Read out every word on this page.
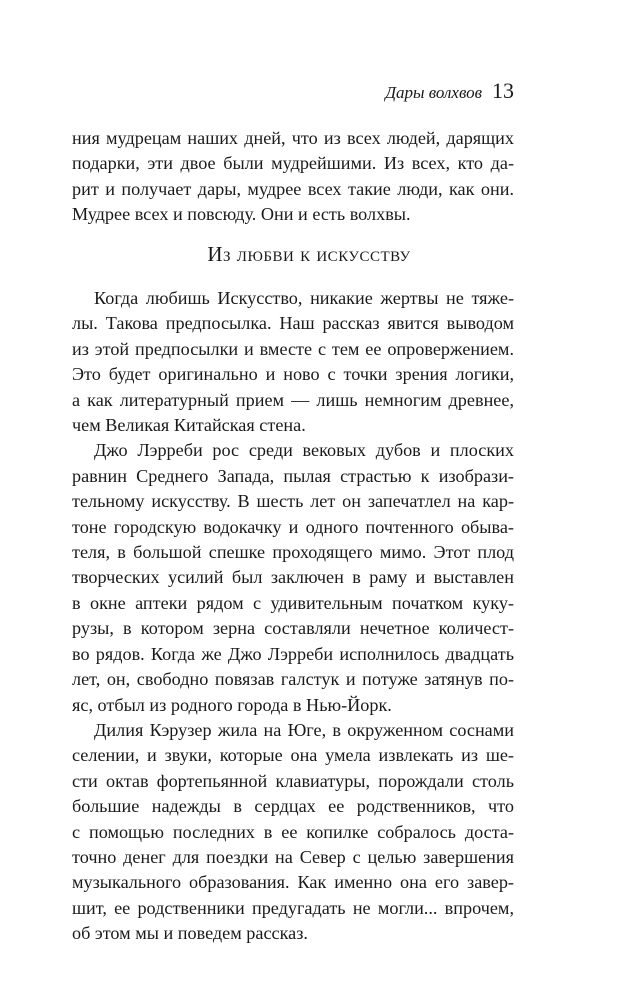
Дары волхвов 13
ния мудрецам наших дней, что из всех людей, дарящих
подарки, эти двое были мудрейшими. Из всех, кто да-
рит и получает дары, мудрее всех такие люди, как они.
Мудрее всех и повсюду. Они и есть волхвы.
Из любви к искусству
Когда любишь Искусство, никакие жертвы не тяже-
лы. Такова предпосылка. Наш рассказ явится выводом
из этой предпосылки и вместе с тем ее опровержением.
Это будет оригинально и ново с точки зрения логики,
а как литературный прием — лишь немногим древнее,
чем Великая Китайская стена.
Джо Лэрреби рос среди вековых дубов и плоских
равнин Среднего Запада, пылая страстью к изобрази-
тельному искусству. В шесть лет он запечатлел на кар-
тоне городскую водокачку и одного почтенного обыва-
теля, в большой спешке проходящего мимо. Этот плод
творческих усилий был заключен в раму и выставлен
в окне аптеки рядом с удивительным початком куку-
рузы, в котором зерна составляли нечетное количест-
во рядов. Когда же Джо Лэрреби исполнилось двадцать
лет, он, свободно повязав галстук и потуже затянув по-
яс, отбыл из родного города в Нью-Йорк.
Дилия Кэрузер жила на Юге, в окруженном соснами
селении, и звуки, которые она умела извлекать из ше-
сти октав фортепьянной клавиатуры, порождали столь
большие надежды в сердцах ее родственников, что
с помощью последних в ее копилке собралось доста-
точно денег для поездки на Север с целью завершения
музыкального образования. Как именно она его завер-
шит, ее родственники предугадать не могли... впрочем,
об этом мы и поведем рассказ.
